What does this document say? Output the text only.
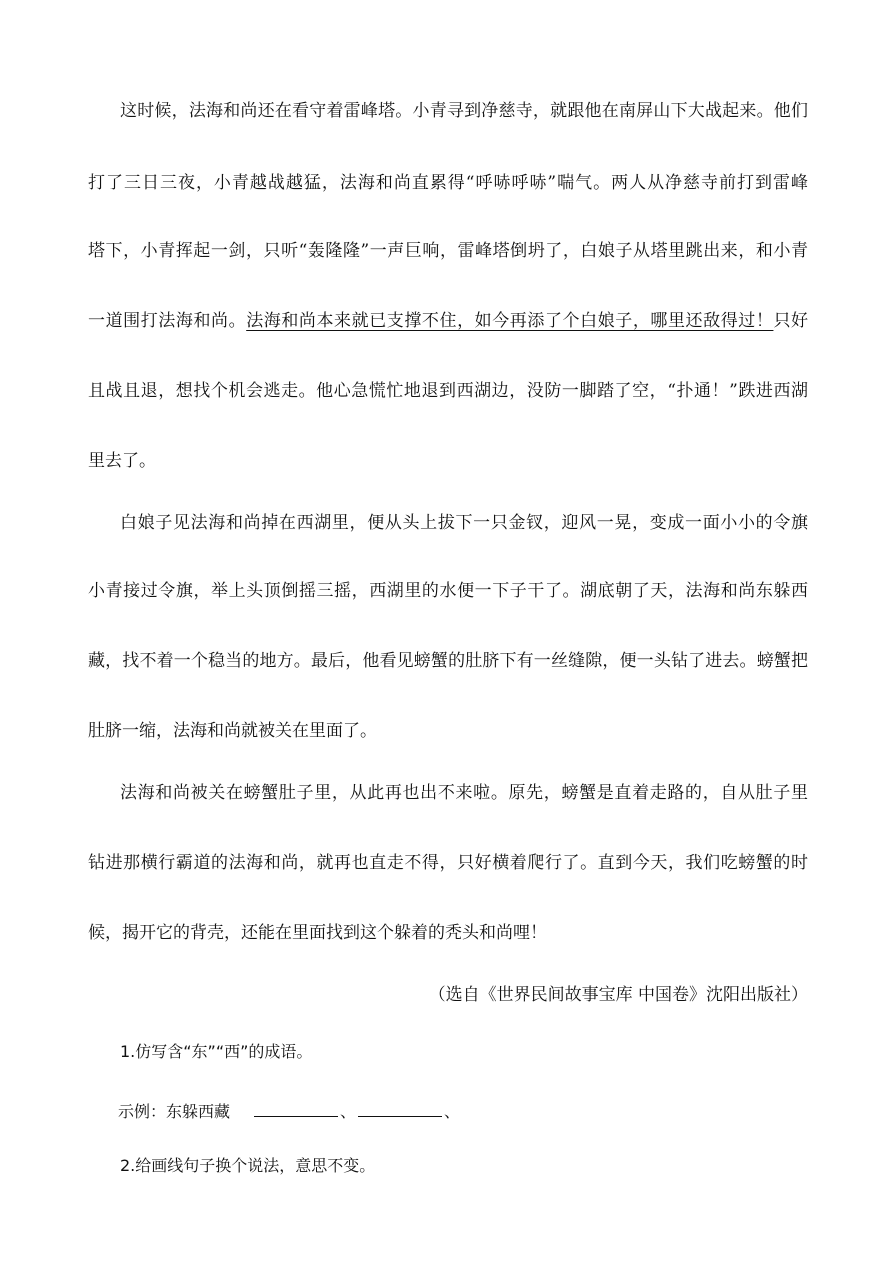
这时候，法海和尚还在看守着雷峰塔。小青寻到净慈寺，就跟他在南屏山下大战起来。他们
打了三日三夜，小青越战越猛，法海和尚直累得“呼哧呼哧”喘气。两人从净慈寺前打到雷峰
塔下，小青挥起一剑，只听“轰隆隆”一声巨响，雷峰塔倒坍了，白娘子从塔里跳出来，和小青
一道围打法海和尚。法海和尚本来就已支撑不住，如今再添了个白娘子，哪里还敌得过！只好
且战且退，想找个机会逃走。他心急慌忙地退到西湖边，没防一脚踏了空，“扑通！”跌进西湖
里去了。
白娘子见法海和尚掉在西湖里，便从头上拔下一只金钗，迎风一晃，变成一面小小的令旗
小青接过令旗，举上头顶倒摇三摇，西湖里的水便一下子干了。湖底朝了天，法海和尚东躲西
藏，找不着一个稳当的地方。最后，他看见螃蟹的肚脐下有一丝缝隙，便一头钻了进去。螃蟹把
肚脐一缩，法海和尚就被关在里面了。
法海和尚被关在螃蟹肚子里，从此再也出不来啦。原先，螃蟹是直着走路的，自从肚子里
钻进那横行霸道的法海和尚，就再也直走不得，只好横着爬行了。直到今天，我们吃螃蟹的时
候，揭开它的背壳，还能在里面找到这个躲着的秃头和尚哩！
（选自《世界民间故事宝库 中国卷》沈阳出版社）
1.仿写含“东”“西”的成语。
示例：东躲西藏	、	、
2.给画线句子换个说法，意思不变。
